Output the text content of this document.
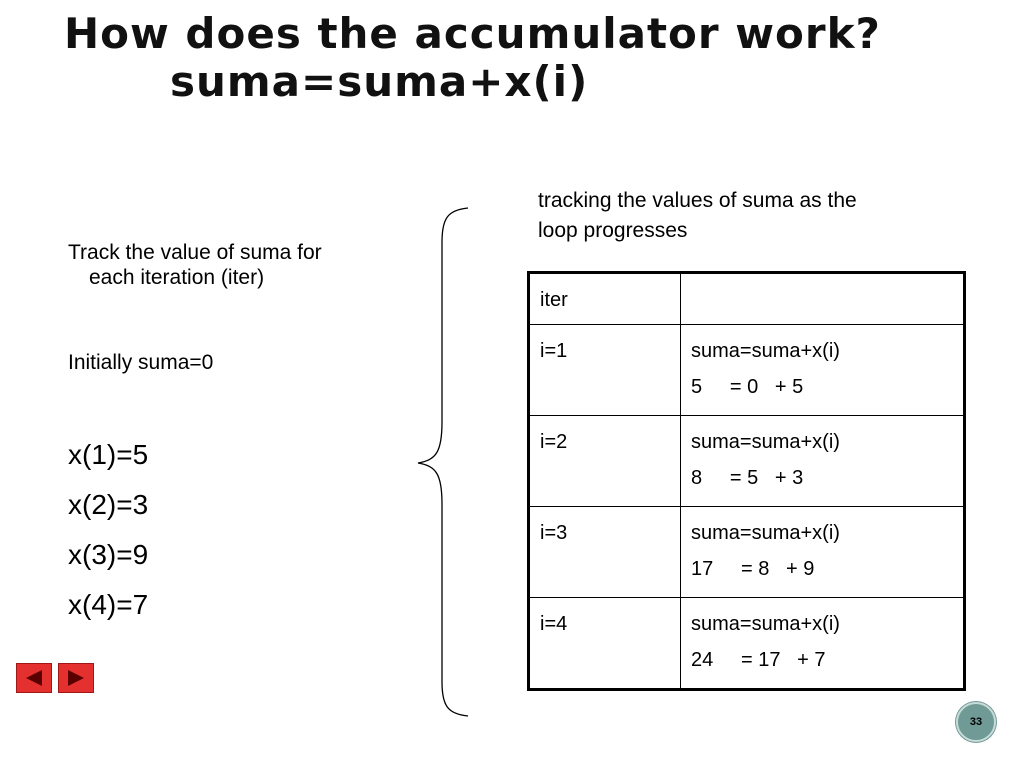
How does the accumulator work?
suma=suma+x(i)

Track the value of suma for
each iteration (iter)

Initially suma=0

x(1)=5
x(2)=3
x(3)=9
x(4)=7
tracking the values of suma as the loop progresses
iter	
i=1	suma=suma+x(i)
5     = 0   + 5

i=2	suma=suma+x(i)
8     = 5   + 3

i=3	suma=suma+x(i)
17     = 8   + 9

i=4	suma=suma+x(i)
24     = 17   + 7
33
